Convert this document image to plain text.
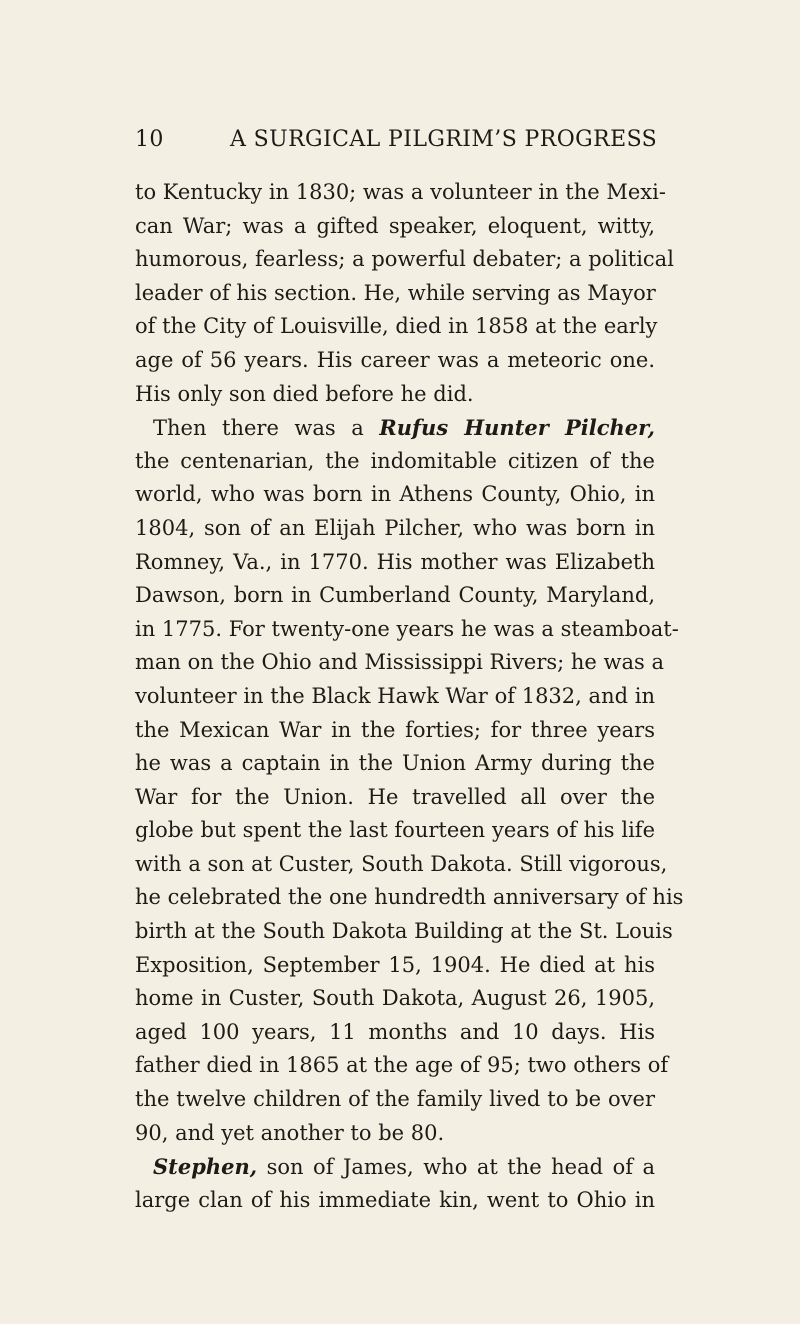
10	A SURGICAL PILGRIM’S PROGRESS
to Kentucky in 1830; was a volunteer in the Mexi-
can War; was a gifted speaker, eloquent, witty,
humorous, fearless; a powerful debater; a political
leader of his section. He, while serving as Mayor
of the City of Louisville, died in 1858 at the early
age of 56 years. His career was a meteoric one.
His only son died before he did.
Then there was a Rufus Hunter Pilcher,
the centenarian, the indomitable citizen of the
world, who was born in Athens County, Ohio, in
1804, son of an Elijah Pilcher, who was born in
Romney, Va., in 1770. His mother was Elizabeth
Dawson, born in Cumberland County, Maryland,
in 1775. For twenty-one years he was a steamboat-
man on the Ohio and Mississippi Rivers; he was a
volunteer in the Black Hawk War of 1832, and in
the Mexican War in the forties; for three years
he was a captain in the Union Army during the
War for the Union. He travelled all over the
globe but spent the last fourteen years of his life
with a son at Custer, South Dakota. Still vigorous,
he celebrated the one hundredth anniversary of his
birth at the South Dakota Building at the St. Louis
Exposition, September 15, 1904. He died at his
home in Custer, South Dakota, August 26, 1905,
aged 100 years, 11 months and 10 days. His
father died in 1865 at the age of 95; two others of
the twelve children of the family lived to be over
90, and yet another to be 80.
Stephen, son of James, who at the head of a
large clan of his immediate kin, went to Ohio in
